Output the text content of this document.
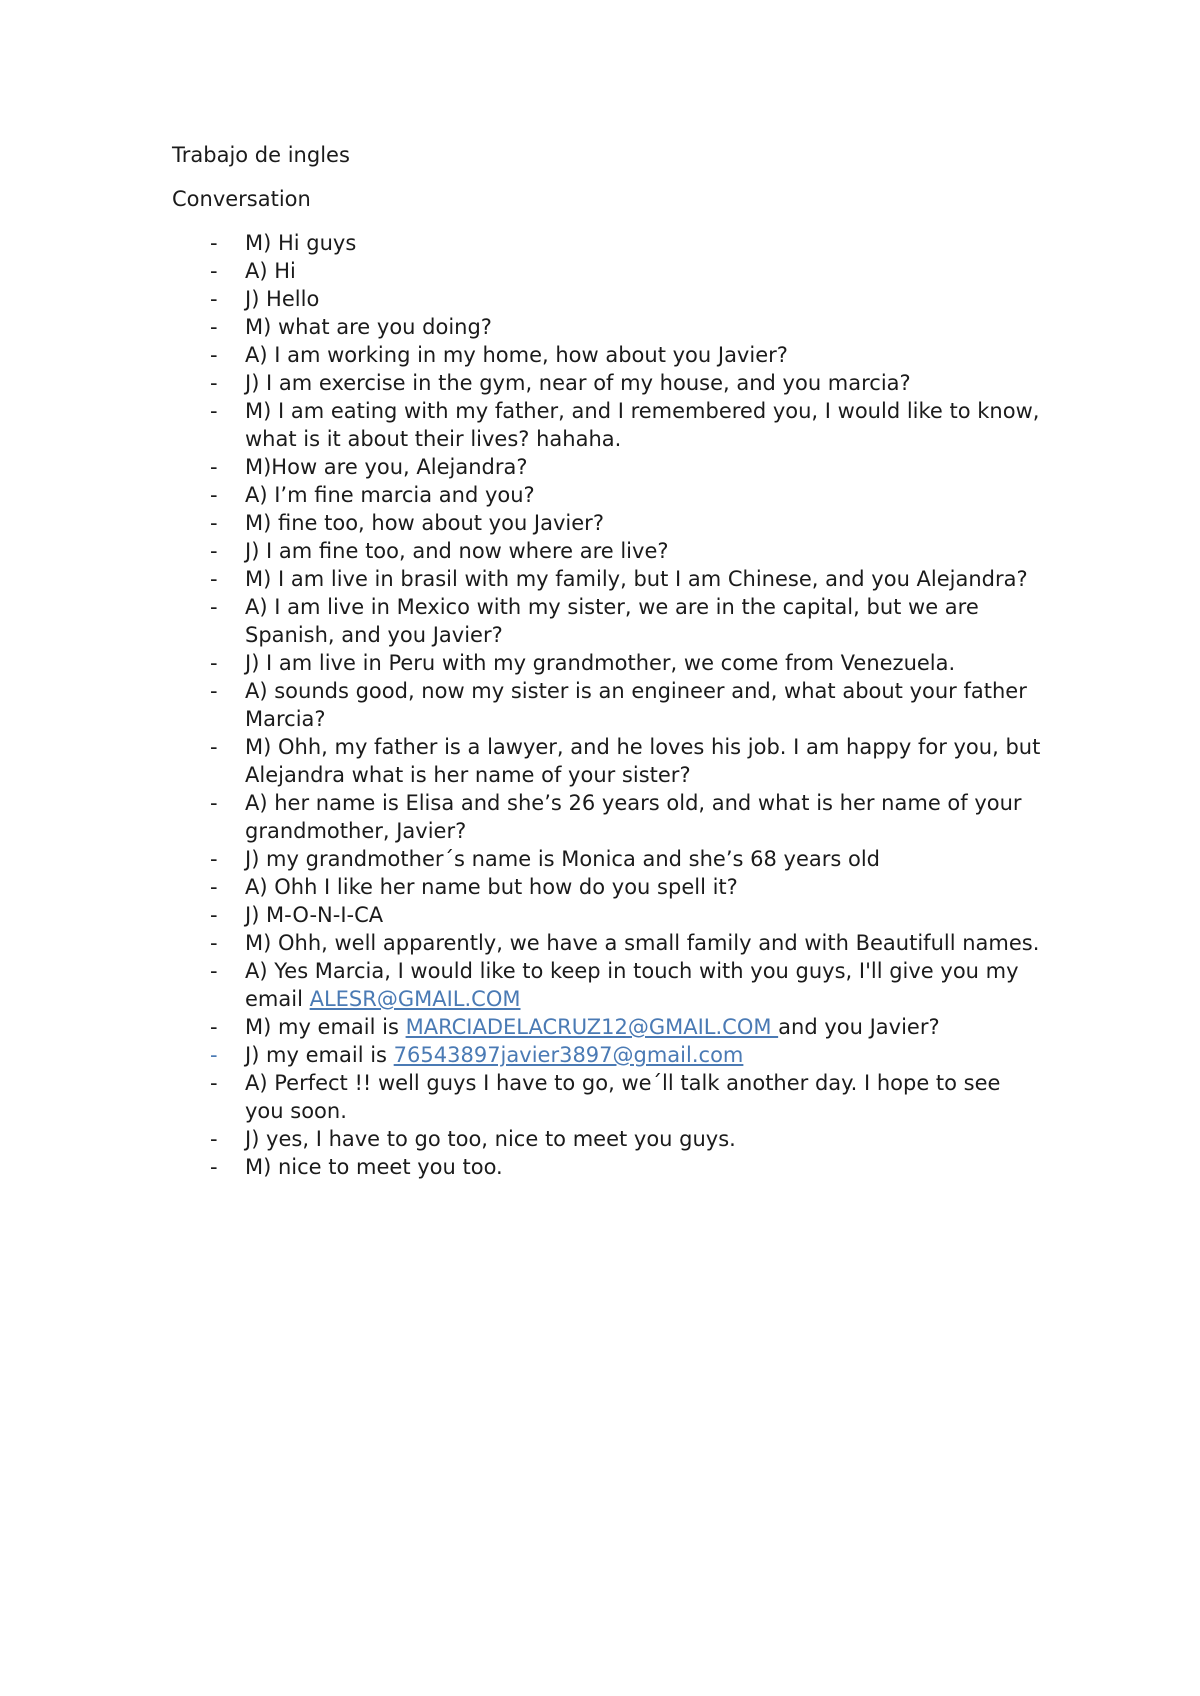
Trabajo de ingles

Conversation

- M) Hi guys
- A) Hi
- J) Hello
- M) what are you doing?
- A) I am working in my home, how about you Javier?
- J) I am exercise in the gym, near of my house, and you marcia?
- M) I am eating with my father, and I remembered you, I would like to know, what is it about their lives? hahaha.
- M)How are you, Alejandra?
- A) I’m fine marcia and you?
- M) fine too, how about you Javier?
- J) I am fine too, and now where are live?
- M) I am live in brasil with my family, but I am Chinese, and you Alejandra?
- A) I am live in Mexico with my sister, we are in the capital, but we are Spanish, and you Javier?
- J) I am live in Peru with my grandmother, we come from Venezuela.
- A) sounds good, now my sister is an engineer and, what about your father Marcia?
- M) Ohh, my father is a lawyer, and he loves his job. I am happy for you, but Alejandra what is her name of your sister?
- A) her name is Elisa and she’s 26 years old, and what is her name of your grandmother, Javier?
- J) my grandmother´s name is Monica and she’s 68 years old
- A) Ohh I like her name but how do you spell it?
- J) M-O-N-I-CA
- M) Ohh, well apparently, we have a small family and with Beautifull names.
- A) Yes Marcia, I would like to keep in touch with you guys, I'll give you my email ALESR@GMAIL.COM
- M) my email is MARCIADELACRUZ12@GMAIL.COM and you Javier?
- J) my email is 76543897javier3897@gmail.com
- A) Perfect !! well guys I have to go, we´ll talk another day. I hope to see you soon.
- J) yes, I have to go too, nice to meet you guys.
- M) nice to meet you too.
